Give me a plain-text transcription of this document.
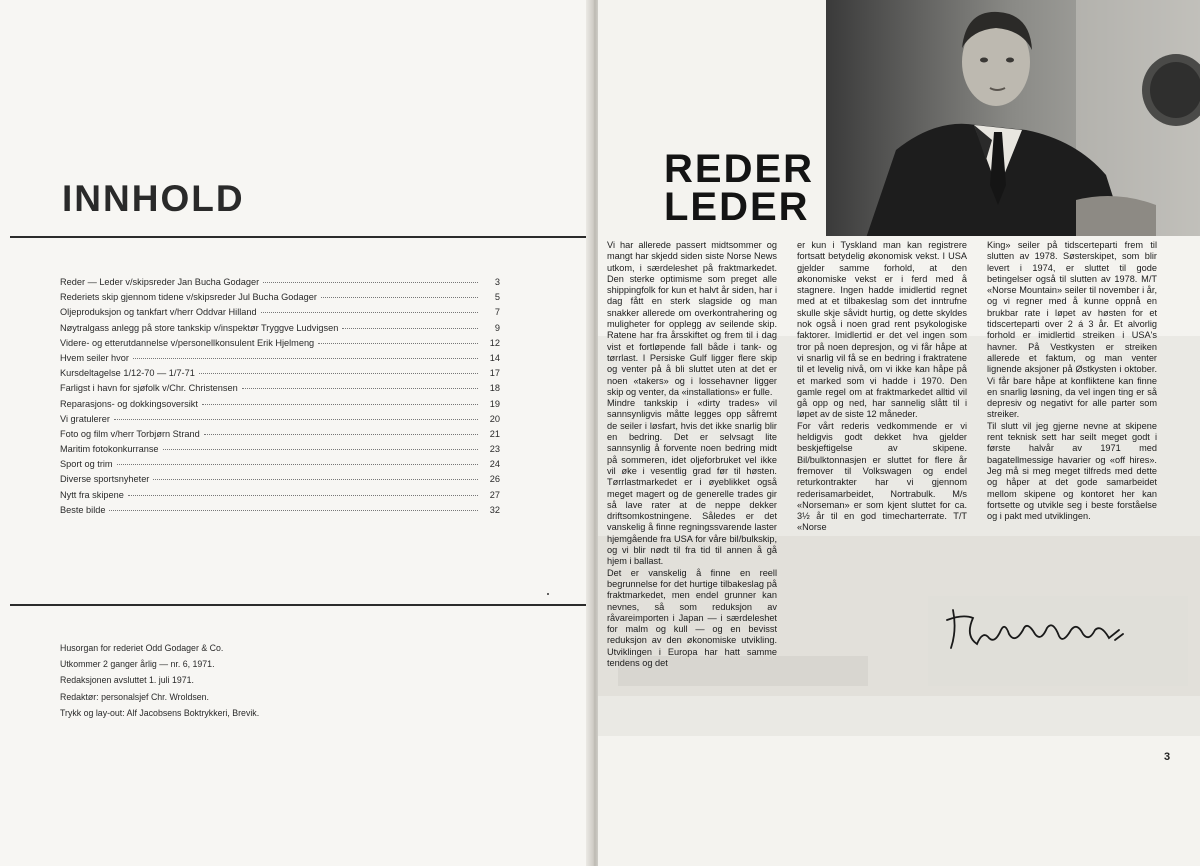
INNHOLD
Reder — Leder v/skipsreder Jan Bucha Godager	3
Rederiets skip gjennom tidene v/skipsreder Jul Bucha Godager	5
Oljeproduksjon og tankfart v/herr Oddvar Hilland	7
Nøytralgass anlegg på store tankskip v/inspektør Tryggve Ludvigsen	9
Videre- og etterutdannelse v/personellkonsulent Erik Hjelmeng	12
Hvem seiler hvor	14
Kursdeltagelse 1/12-70 — 1/7-71	17
Farligst i havn for sjøfolk v/Chr. Christensen	18
Reparasjons- og dokkingsoversikt	19
Vi gratulerer	20
Foto og film v/herr Torbjørn Strand	21
Maritim fotokonkurranse	23
Sport og trim	24
Diverse sportsnyheter	26
Nytt fra skipene	27
Beste bilde	32
Husorgan for rederiet Odd Godager & Co.
Utkommer 2 ganger årlig — nr. 6, 1971.
Redaksjonen avsluttet 1. juli 1971.
Redaktør: personalsjef Chr. Wroldsen.
Trykk og lay-out: Alf Jacobsens Boktrykkeri, Brevik.
REDER
LEDER

Vi har allerede passert midtsommer og mangt har skjedd siden siste Norse News utkom, i særdeleshet på fraktmarkedet. Den sterke optimisme som preget alle shippingfolk for kun et halvt år siden, har i dag fått en sterk slagside og man snakker allerede om overkontrahering og muligheter for opplegg av seilende skip. Ratene har fra årsskiftet og frem til i dag vist et fortløpende fall både i tank- og tørrlast. I Persiske Gulf ligger flere skip og venter på å bli sluttet uten at det er noen «takers» og i lossehavner ligger skip og venter, da «installations» er fulle.

Mindre tankskip i «dirty trades» vil sannsynligvis måtte legges opp såfremt de seiler i løsfart, hvis det ikke snarlig blir en bedring. Det er selvsagt lite sannsynlig å forvente noen bedring midt på sommeren, idet oljeforbruket vel ikke vil øke i vesentlig grad før til høsten. Tørrlastmarkedet er i øyeblikket også meget magert og de generelle trades gir så lave rater at de neppe dekker driftsomkostningene. Således er det vanskelig å finne regningssvarende laster hjemgående fra USA for våre bil/bulkskip, og vi blir nødt til fra tid til annen å gå hjem i ballast.

Det er vanskelig å finne en reell begrunnelse for det hurtige tilbakeslag på fraktmarkedet, men endel grunner kan nevnes, så som reduksjon av råvareimporten i Japan — i særdeleshet for malm og kull — og en bevisst reduksjon av den økonomiske utvikling. Utviklingen i Europa har hatt samme tendens og det

er kun i Tyskland man kan registrere fortsatt betydelig økonomisk vekst. I USA gjelder samme forhold, at den økonomiske vekst er i ferd med å stagnere. Ingen hadde imidlertid regnet med at et tilbakeslag som det inntrufne skulle skje såvidt hurtig, og dette skyldes nok også i noen grad rent psykologiske faktorer. Imidlertid er det vel ingen som tror på noen depresjon, og vi får håpe at vi snarlig vil få se en bedring i fraktratene til et levelig nivå, om vi ikke kan håpe på et marked som vi hadde i 1970. Den gamle regel om at fraktmarkedet alltid vil gå opp og ned, har sannelig slått til i løpet av de siste 12 måneder.

For vårt rederis vedkommende er vi heldigvis godt dekket hva gjelder beskjeftigelse av skipene. Bil/bulktonnasjen er sluttet for flere år fremover til Volkswagen og endel returkontrakter har vi gjennom rederisamarbeidet, Nortrabulk. M/s «Norseman» er som kjent sluttet for ca. 3½ år til en god timecharterrate. T/T «Norse

King» seiler på tidscerteparti frem til slutten av 1978. Søsterskipet, som blir levert i 1974, er sluttet til gode betingelser også til slutten av 1978. M/T «Norse Mountain» seiler til november i år, og vi regner med å kunne oppnå en brukbar rate i løpet av høsten for et tidscerteparti over 2 á 3 år. Et alvorlig forhold er imidlertid streiken i USA's havner. På Vestkysten er streiken allerede et faktum, og man venter lignende aksjoner på Østkysten i oktober. Vi får bare håpe at konfliktene kan finne en snarlig løsning, da vel ingen ting er så depresiv og negativt for alle parter som streiker.

Til slutt vil jeg gjerne nevne at skipene rent teknisk sett har seilt meget godt i første halvår av 1971 med bagatellmessige havarier og «off hires». Jeg må si meg meget tilfreds med dette og håper at det gode samarbeidet mellom skipene og kontoret her kan fortsette og utvikle seg i beste forståelse og i pakt med utviklingen.

3
